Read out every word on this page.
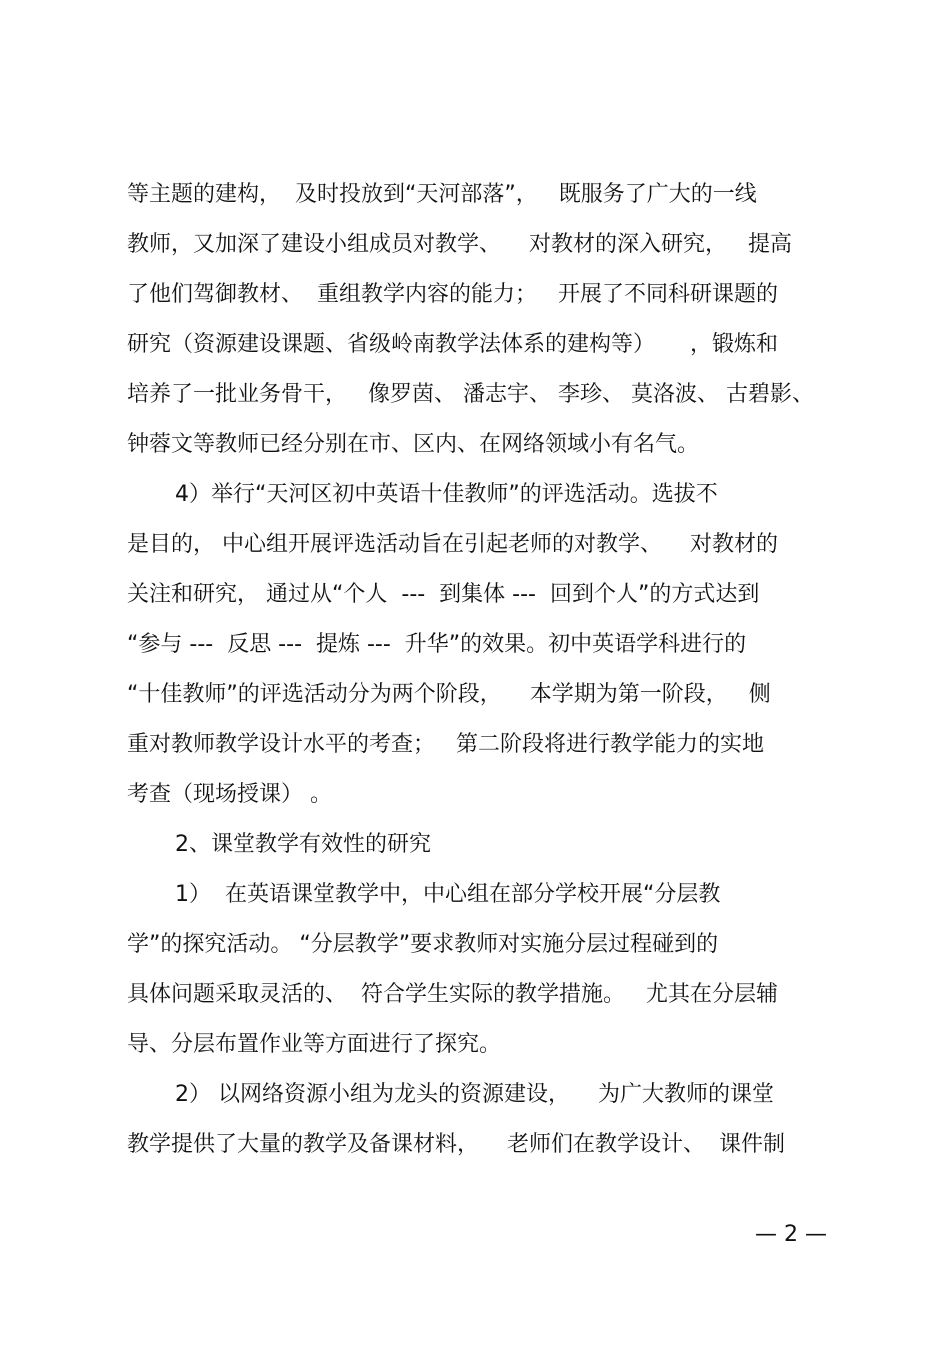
等主题的建构，  及时投放到“天河部落”，   既服务了广大的一线
教师，又加深了建设小组成员对教学、    对教材的深入研究，   提高
了他们驾御教材、  重组教学内容的能力；   开展了不同科研课题的
研究（资源建设课题、省级岭南教学法体系的建构等）     ，锻炼和
培养了一批业务骨干，   像罗茵、 潘志宇、 李珍、 莫洛波、 古碧影、
钟蓉文等教师已经分别在市、区内、在网络领域小有名气。
4）举行“天河区初中英语十佳教师”的评选活动。选拔不
是目的， 中心组开展评选活动旨在引起老师的对教学、    对教材的
关注和研究， 通过从“个人  ---  到集体 ---  回到个人”的方式达到
“参与 ---  反思 ---  提炼 ---  升华”的效果。初中英语学科进行的
“十佳教师”的评选活动分为两个阶段，    本学期为第一阶段，   侧
重对教师教学设计水平的考查；   第二阶段将进行教学能力的实地
考查（现场授课） 。
2、课堂教学有效性的研究
1）  在英语课堂教学中，中心组在部分学校开展“分层教
学”的探究活动。 “分层教学”要求教师对实施分层过程碰到的
具体问题采取灵活的、  符合学生实际的教学措施。   尤其在分层辅
导、分层布置作业等方面进行了探究。
2） 以网络资源小组为龙头的资源建设，    为广大教师的课堂
教学提供了大量的教学及备课材料，    老师们在教学设计、  课件制
— 2 —
